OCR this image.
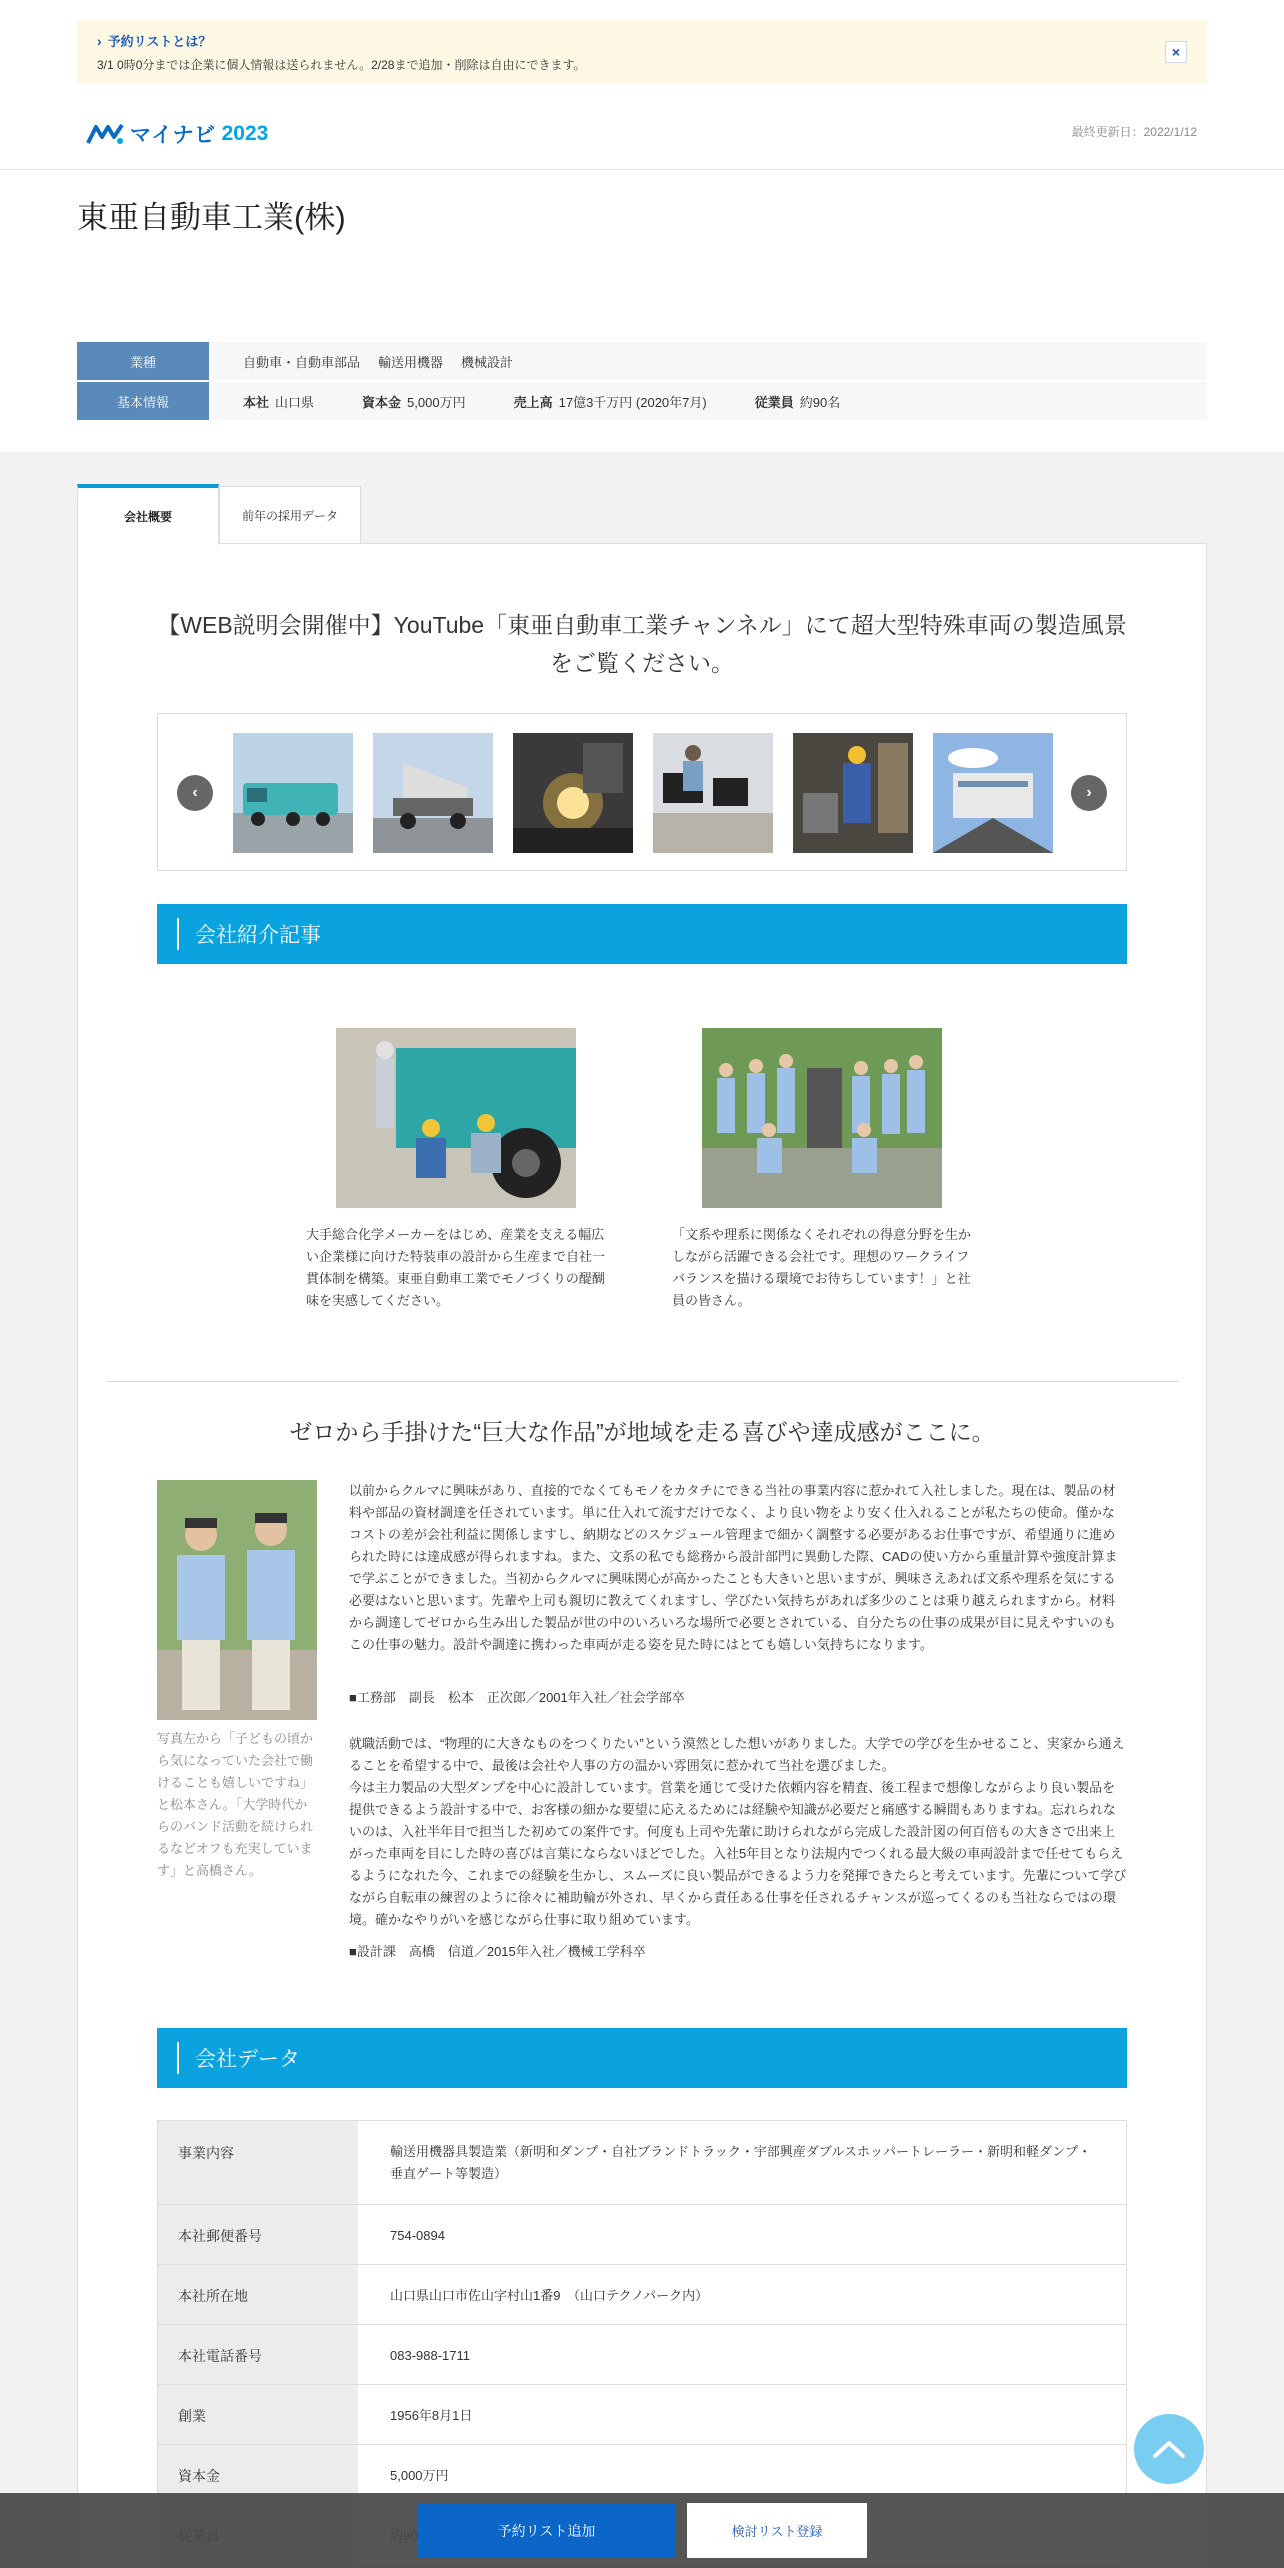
› 予約リストとは？
3/1 0時0分までは企業に個人情報は送られません。2/28まで追加・削除は自由にできます。
×
マイナビ 2023	最終更新日：2022/1/12
東亜自動車工業(株)
業種	自動車・自動車部品 輸送用機器 機械設計
基本情報	本社 山口県	資本金 5,000万円	売上高 17億3千万円 (2020年7月)	従業員 約90名
会社概要	前年の採用データ
【WEB説明会開催中】YouTube「東亜自動車工業チャンネル」にて超大型特殊車両の製造風景をご覧ください。
‹	›
会社紹介記事

大手総合化学メーカーをはじめ、産業を支える幅広い企業様に向けた特装車の設計から生産まで自社一貫体制を構築。東亜自動車工業でモノづくりの醍醐味を実感してください。

「文系や理系に関係なくそれぞれの得意分野を生かしながら活躍できる会社です。理想のワークライフバランスを描ける環境でお待ちしています！」と社員の皆さん。

ゼロから手掛けた“巨大な作品”が地域を走る喜びや達成感がここに。
写真左から「子どもの頃から気になっていた会社で働けることも嬉しいですね」と松本さん。「大学時代からのバンド活動を続けられるなどオフも充実しています」と高橋さん。
以前からクルマに興味があり、直接的でなくてもモノをカタチにできる当社の事業内容に惹かれて入社しました。現在は、製品の材料や部品の資材調達を任されています。単に仕入れて流すだけでなく、より良い物をより安く仕入れることが私たちの使命。僅かなコストの差が会社利益に関係しますし、納期などのスケジュール管理まで細かく調整する必要があるお仕事ですが、希望通りに進められた時には達成感が得られますね。また、文系の私でも総務から設計部門に異動した際、CADの使い方から重量計算や強度計算まで学ぶことができました。当初からクルマに興味関心が高かったことも大きいと思いますが、興味さえあれば文系や理系を気にする必要はないと思います。先輩や上司も親切に教えてくれますし、学びたい気持ちがあれば多少のことは乗り越えられますから。材料から調達してゼロから生み出した製品が世の中のいろいろな場所で必要とされている、自分たちの仕事の成果が目に見えやすいのもこの仕事の魅力。設計や調達に携わった車両が走る姿を見た時にはとても嬉しい気持ちになります。
■工務部　副長　松本　正次郎／2001年入社／社会学部卒
就職活動では、“物理的に大きなものをつくりたい”という漠然とした想いがありました。大学での学びを生かせること、実家から通えることを希望する中で、最後は会社や人事の方の温かい雰囲気に惹かれて当社を選びました。
今は主力製品の大型ダンプを中心に設計しています。営業を通じて受けた依頼内容を精査、後工程まで想像しながらより良い製品を提供できるよう設計する中で、お客様の細かな要望に応えるためには経験や知識が必要だと痛感する瞬間もありますね。忘れられないのは、入社半年目で担当した初めての案件です。何度も上司や先輩に助けられながら完成した設計図の何百倍もの大きさで出来上がった車両を目にした時の喜びは言葉にならないほどでした。入社5年目となり法規内でつくれる最大級の車両設計まで任せてもらえるようになれた今、これまでの経験を生かし、スムーズに良い製品ができるよう力を発揮できたらと考えています。先輩について学びながら自転車の練習のように徐々に補助輪が外され、早くから責任ある仕事を任されるチャンスが巡ってくるのも当社ならではの環境。確かなやりがいを感じながら仕事に取り組めています。
■設計課　高橋　信道／2015年入社／機械工学科卒
会社データ
事業内容	輸送用機器具製造業（新明和ダンプ・自社ブランドトラック・宇部興産ダブルスホッパートレーラー・新明和軽ダンプ・垂直ゲート等製造）
本社郵便番号	754-0894
本社所在地	山口県山口市佐山字村山1番9　（山口テクノパーク内）
本社電話番号	083-988-1711
創業	1956年8月1日
資本金	5,000万円
予約リスト追加	検討リスト登録
